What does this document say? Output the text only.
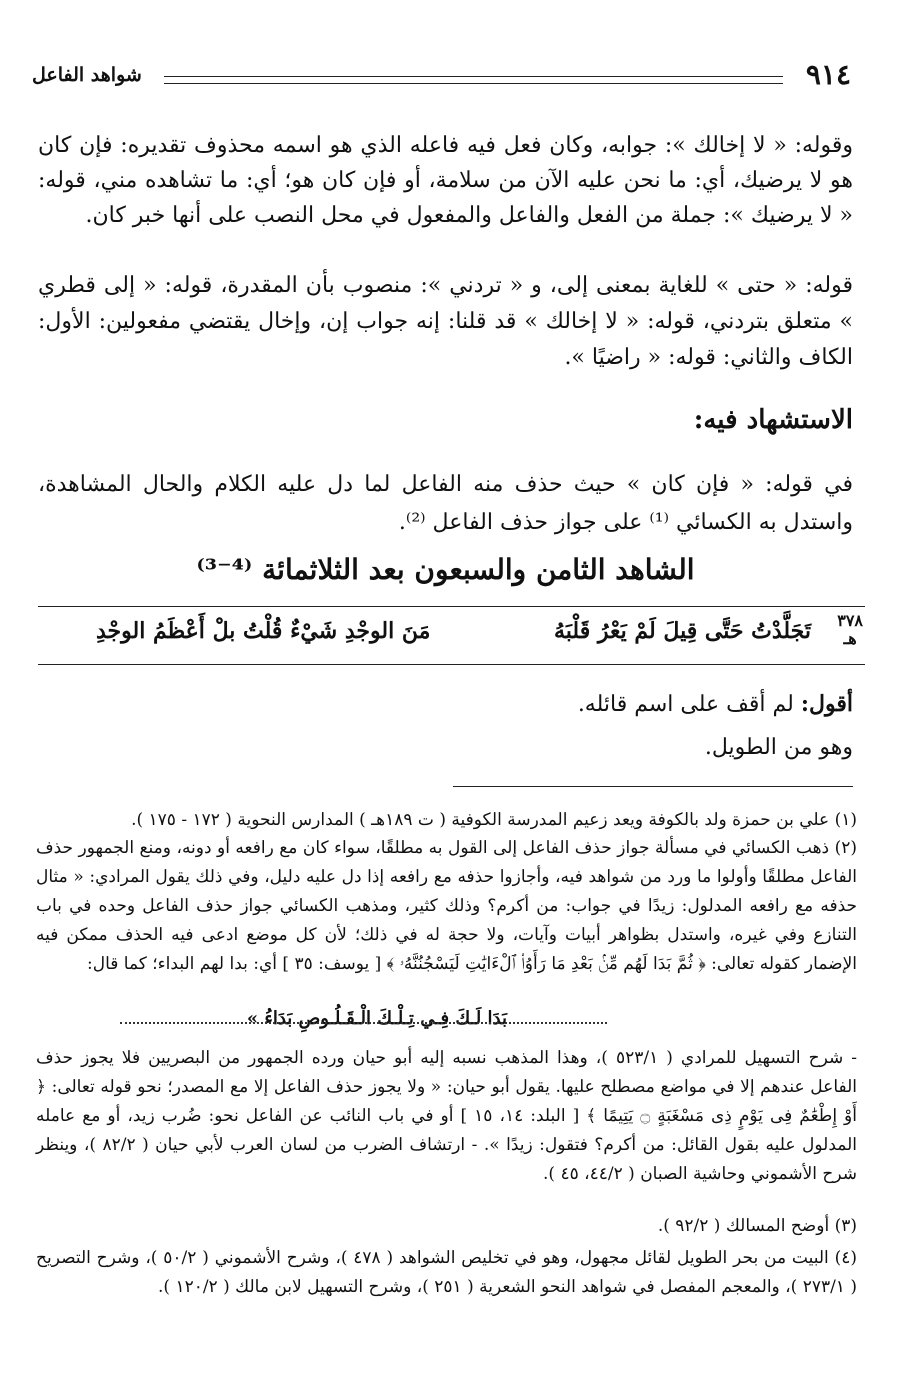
٩١٤
شواهد الفاعل
وقوله: « لا إخالك »: جوابه، وكان فعل فيه فاعله الذي هو اسمه محذوف تقديره: فإن كان هو لا يرضيك، أي: ما نحن عليه الآن من سلامة، أو فإن كان هو؛ أي: ما تشاهده مني، قوله: « لا يرضيك »: جملة من الفعل والفاعل والمفعول في محل النصب على أنها خبر كان.
قوله: « حتى » للغاية بمعنى إلى، و « تردني »: منصوب بأن المقدرة، قوله: « إلى قطري » متعلق بتردني، قوله: « لا إخالك » قد قلنا: إنه جواب إن، وإخال يقتضي مفعولين: الأول: الكاف والثاني: قوله: « راضيًا ».
الاستشهاد فيه:
في قوله: « فإن كان » حيث حذف منه الفاعل لما دل عليه الكلام والحال المشاهدة، واستدل به الكسائي ⁽¹⁾ على جواز حذف الفاعل ⁽²⁾.
الشاهد الثامن والسبعون بعد الثلاثمائة ⁽⁴⁻³⁾
٣٧٨
هـ
تَجَلَّدْتُ حَتَّى قِيلَ لَمْ يَعْرُ قَلْبَهُ
مَنَ الوجْدِ شَيْءٌ قُلْتُ بلْ أَعْظَمُ الوجْدِ
أقول: لم أقف على اسم قائله.
وهو من الطويل.
(١) علي بن حمزة ولد بالكوفة ويعد زعيم المدرسة الكوفية ( ت ١٨٩هـ ) المدارس النحوية ( ١٧٢ - ١٧٥ ).
(٢) ذهب الكسائي في مسألة جواز حذف الفاعل إلى القول به مطلقًا، سواء كان مع رافعه أو دونه، ومنع الجمهور حذف الفاعل مطلقًا وأولوا ما ورد من شواهد فيه، وأجازوا حذفه مع رافعه إذا دل عليه دليل، وفي ذلك يقول المرادي: « مثال حذفه مع رافعه المدلول: زيدًا في جواب: من أكرم؟ وذلك كثير، ومذهب الكسائي جواز حذف الفاعل وحده في باب التنازع وفي غيره، واستدل بظواهر أبيات وآيات، ولا حجة له في ذلك؛ لأن كل موضع ادعى فيه الحذف ممكن فيه الإضمار كقوله تعالى: ﴿ ثُمَّ بَدَا لَهُم مِّنۢ بَعْدِ مَا رَأَوُا۟ ٱلْءَايَٰتِ لَيَسْجُنُنَّهُۥ ﴾ [ يوسف: ٣٥ ] أي: بدا لهم البداء؛ كما قال:
بَدَا لَـكَ فِـي تِـلْـكَ الْـقَـلُـوصِ بَدَاءُ »
- شرح التسهيل للمرادي ( ٥٢٣/١ )، وهذا المذهب نسبه إليه أبو حيان ورده الجمهور من البصريين فلا يجوز حذف الفاعل عندهم إلا في مواضع مصطلح عليها. يقول أبو حيان: « ولا يجوز حذف الفاعل إلا مع المصدر؛ نحو قوله تعالى: ﴿ أَوْ إِطْعَٰمٌ فِى يَوْمٍ ذِى مَسْغَبَةٍ ۝ يَتِيمًا ﴾ [ البلد: ١٤، ١٥ ] أو في باب النائب عن الفاعل نحو: ضُرب زيد، أو مع عامله المدلول عليه بقول القائل: من أكرم؟ فتقول: زيدًا ». - ارتشاف الضرب من لسان العرب لأبي حيان ( ٨٢/٢ )، وينظر شرح الأشموني وحاشية الصبان ( ٤٤/٢، ٤٥ ).
(٣) أوضح المسالك ( ٩٢/٢ ).
(٤) البيت من بحر الطويل لقائل مجهول، وهو في تخليص الشواهد ( ٤٧٨ )، وشرح الأشموني ( ٥٠/٢ )، وشرح التصريح ( ٢٧٣/١ )، والمعجم المفصل في شواهد النحو الشعرية ( ٢٥١ )، وشرح التسهيل لابن مالك ( ١٢٠/٢ ).
